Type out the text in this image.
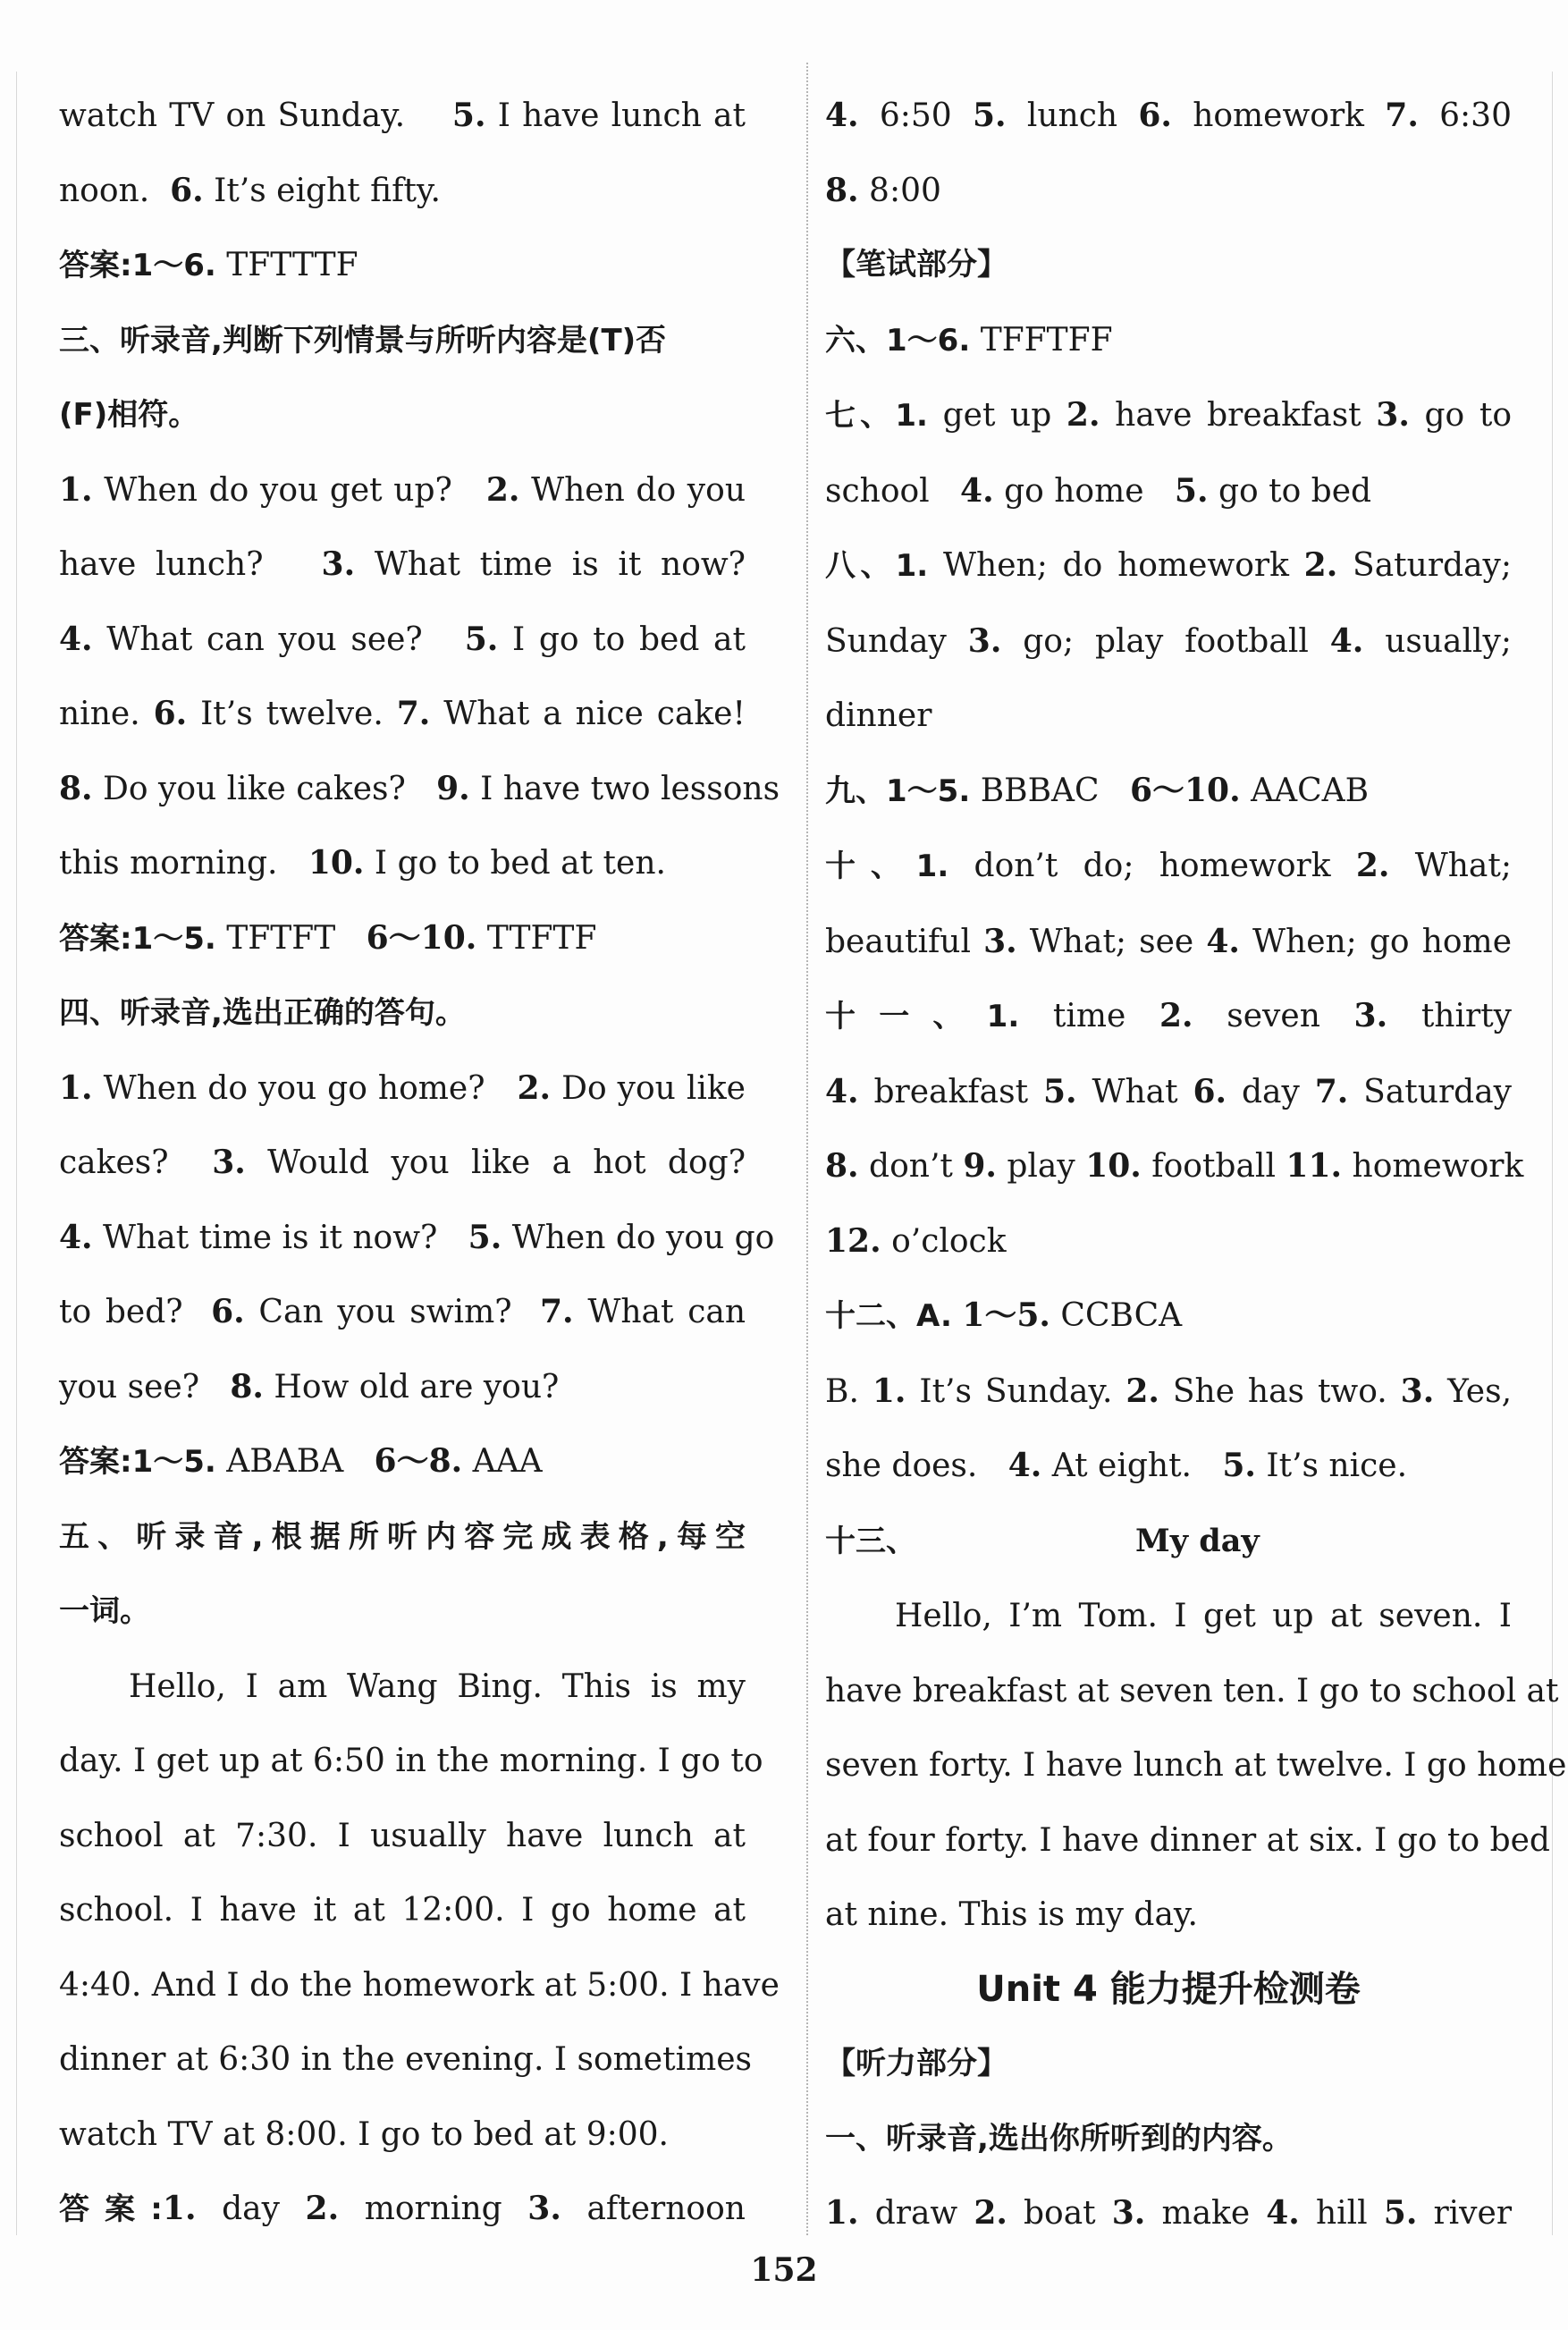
watch TV on Sunday. 5. I have lunch at
noon. 6. It’s eight fifty.
答案:1～6. TFTTTF
三、听录音,判断下列情景与所听内容是(T)否
(F)相符。
1. When do you get up? 2. When do you
have lunch? 3. What time is it now?
4. What can you see? 5. I go to bed at
nine. 6. It’s twelve. 7. What a nice cake!
8. Do you like cakes? 9. I have two lessons
this morning. 10. I go to bed at ten.
答案:1～5. TFTFT 6～10. TTFTF
四、听录音,选出正确的答句。
1. When do you go home? 2. Do you like
cakes? 3. Would you like a hot dog?
4. What time is it now? 5. When do you go
to bed? 6. Can you swim? 7. What can
you see? 8. How old are you?
答案:1～5. ABABA 6～8. AAA
五、听录音,根据所听内容完成表格,每空
一词。
Hello, I am Wang Bing. This is my
day. I get up at 6:50 in the morning. I go to
school at 7:30. I usually have lunch at
school. I have it at 12:00. I go home at
4:40. And I do the homework at 5:00. I have
dinner at 6:30 in the evening. I sometimes
watch TV at 8:00. I go to bed at 9:00.
答案:1. day 2. morning 3. afternoon
4. 6:50 5. lunch 6. homework 7. 6:30
8. 8:00
【笔试部分】
六、1～6. TFFTFF
七、1. get up 2. have breakfast 3. go to
school 4. go home 5. go to bed
八、1. When; do homework 2. Saturday;
Sunday 3. go; play football 4. usually;
dinner
九、1～5. BBBAC 6～10. AACAB
十、1. don’t do; homework 2. What;
beautiful 3. What; see 4. When; go home
十一、1. time 2. seven 3. thirty
4. breakfast 5. What 6. day 7. Saturday
8. don’t 9. play 10. football 11. homework
12. o’clock
十二、A. 1～5. CCBCA
B. 1. It’s Sunday. 2. She has two. 3. Yes,
she does. 4. At eight. 5. It’s nice.
十三、	My day
Hello, I’m Tom. I get up at seven. I
have breakfast at seven ten. I go to school at
seven forty. I have lunch at twelve. I go home
at four forty. I have dinner at six. I go to bed
at nine. This is my day.
Unit 4 能力提升检测卷
【听力部分】
一、听录音,选出你所听到的内容。
1. draw 2. boat 3. make 4. hill 5. river
152
